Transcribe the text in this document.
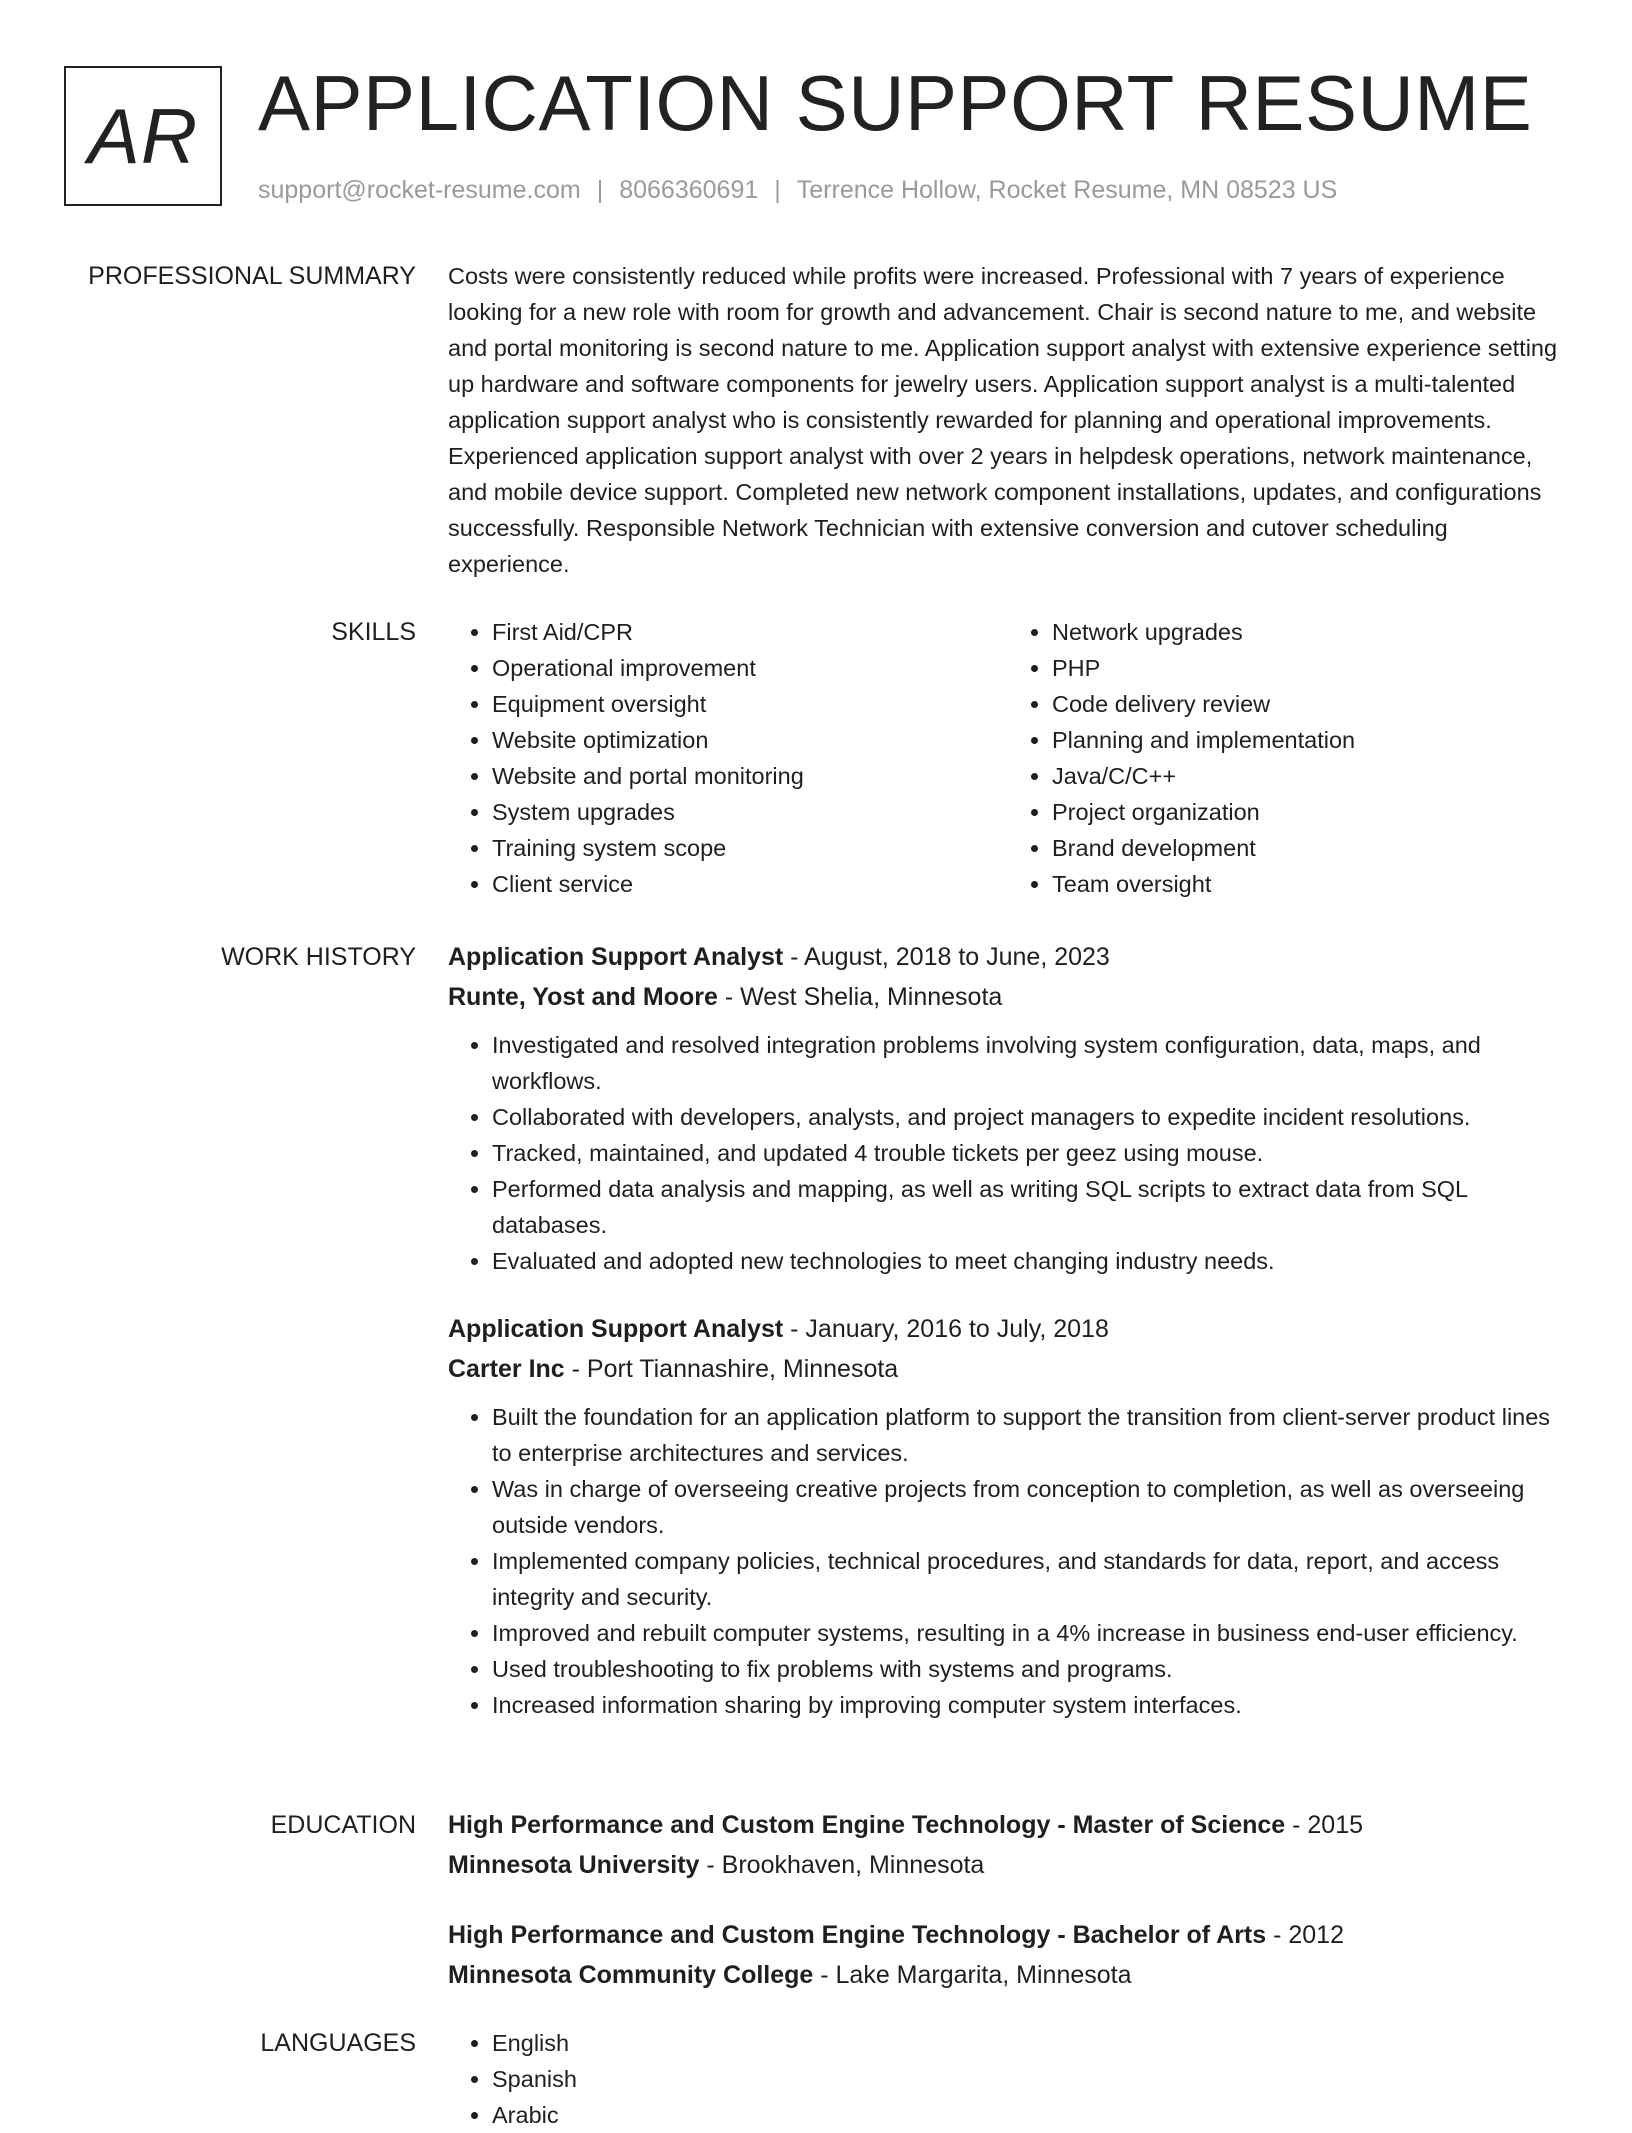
AR APPLICATION SUPPORT RESUME
support@rocket-resume.com | 8066360691 | Terrence Hollow, Rocket Resume, MN 08523 US
PROFESSIONAL SUMMARY Costs were consistently reduced while profits were increased. Professional with 7 years of experience looking for a new role with room for growth and advancement. Chair is second nature to me, and website and portal monitoring is second nature to me. Application support analyst with extensive experience setting up hardware and software components for jewelry users. Application support analyst is a multi-talented application support analyst who is consistently rewarded for planning and operational improvements. Experienced application support analyst with over 2 years in helpdesk operations, network maintenance, and mobile device support. Completed new network component installations, updates, and configurations successfully. Responsible Network Technician with extensive conversion and cutover scheduling experience.
SKILLS	• First Aid/CPR
• Operational improvement
• Equipment oversight
• Website optimization
• Website and portal monitoring
• System upgrades
• Training system scope
• Client service
• Network upgrades
• PHP
• Code delivery review
• Planning and implementation
• Java/C/C++
• Project organization
• Brand development
• Team oversight
WORK HISTORY Application Support Analyst - August, 2018 to June, 2023
Runte, Yost and Moore - West Shelia, Minnesota
• Investigated and resolved integration problems involving system configuration, data, maps, and workflows.
• Collaborated with developers, analysts, and project managers to expedite incident resolutions.
• Tracked, maintained, and updated 4 trouble tickets per geez using mouse.
• Performed data analysis and mapping, as well as writing SQL scripts to extract data from SQL databases.
• Evaluated and adopted new technologies to meet changing industry needs.
Application Support Analyst - January, 2016 to July, 2018
Carter Inc - Port Tiannashire, Minnesota
• Built the foundation for an application platform to support the transition from client-server product lines to enterprise architectures and services.
• Was in charge of overseeing creative projects from conception to completion, as well as overseeing outside vendors.
• Implemented company policies, technical procedures, and standards for data, report, and access integrity and security.
• Improved and rebuilt computer systems, resulting in a 4% increase in business end-user efficiency.
• Used troubleshooting to fix problems with systems and programs.
• Increased information sharing by improving computer system interfaces.
EDUCATION High Performance and Custom Engine Technology - Master of Science - 2015
Minnesota University - Brookhaven, Minnesota
High Performance and Custom Engine Technology - Bachelor of Arts - 2012
Minnesota Community College - Lake Margarita, Minnesota
LANGUAGES	• English
• Spanish
• Arabic
